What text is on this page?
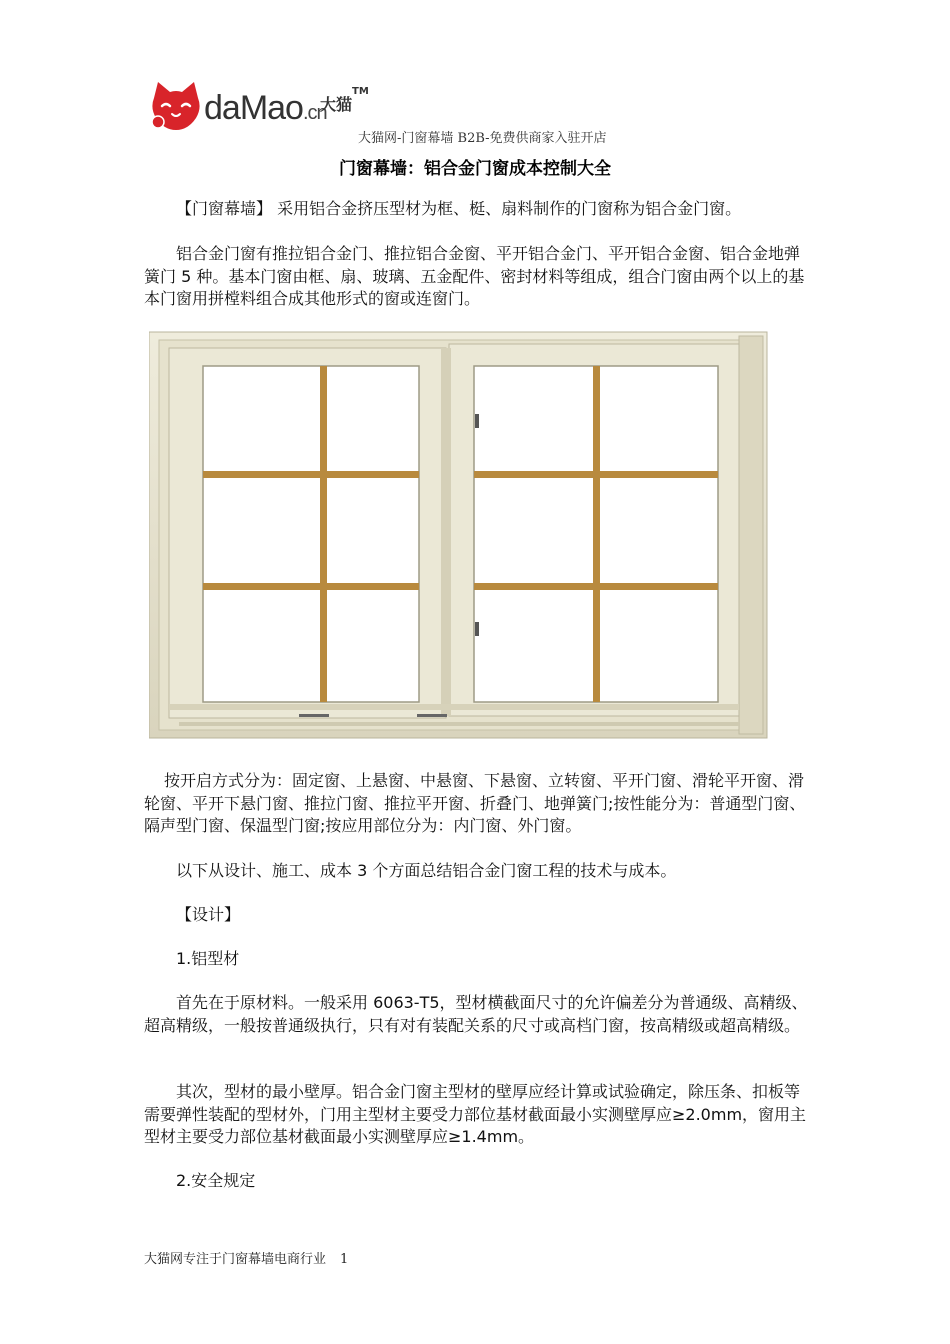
daMao.cn
大猫
TM
大猫网-门窗幕墙 B2B-免费供商家入驻开店
门窗幕墙：铝合金门窗成本控制大全

【门窗幕墙】 采用铝合金挤压型材为框、梃、扇料制作的门窗称为铝合金门窗。

铝合金门窗有推拉铝合金门、推拉铝合金窗、平开铝合金门、平开铝合金窗、铝合金地弹簧门 5 种。基本门窗由框、扇、玻璃、五金配件、密封材料等组成，组合门窗由两个以上的基本门窗用拼樘料组合成其他形式的窗或连窗门。

按开启方式分为：固定窗、上悬窗、中悬窗、下悬窗、立转窗、平开门窗、滑轮平开窗、滑轮窗、平开下悬门窗、推拉门窗、推拉平开窗、折叠门、地弹簧门;按性能分为：普通型门窗、隔声型门窗、保温型门窗;按应用部位分为：内门窗、外门窗。

以下从设计、施工、成本 3 个方面总结铝合金门窗工程的技术与成本。

【设计】

1.铝型材

首先在于原材料。一般采用 6063-T5，型材横截面尺寸的允许偏差分为普通级、高精级、超高精级，一般按普通级执行，只有对有装配关系的尺寸或高档门窗，按高精级或超高精级。

其次，型材的最小壁厚。铝合金门窗主型材的壁厚应经计算或试验确定，除压条、扣板等需要弹性装配的型材外，门用主型材主要受力部位基材截面最小实测壁厚应≥2.0mm，窗用主型材主要受力部位基材截面最小实测壁厚应≥1.4mm。

2.安全规定

大猫网专注于门窗幕墙电商行业 1
